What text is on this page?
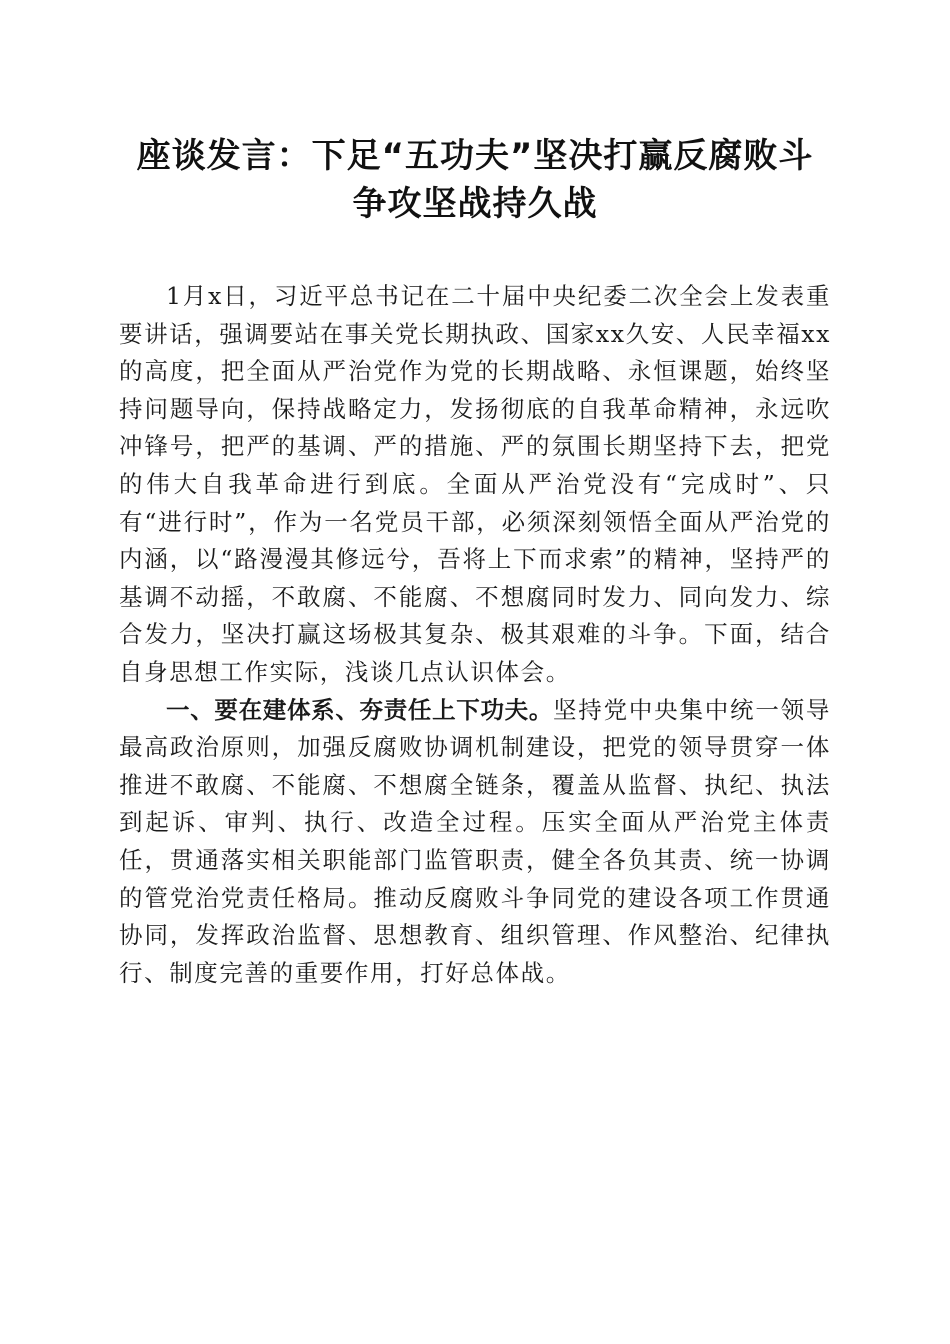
座谈发言：下足“五功夫”坚决打赢反腐败斗
争攻坚战持久战

1月x日，习近平总书记在二十届中央纪委二次全会上发表重要讲话，强调要站在事关党长期执政、国家xx久安、人民幸福xx的高度，把全面从严治党作为党的长期战略、永恒课题，始终坚持问题导向，保持战略定力，发扬彻底的自我革命精神，永远吹冲锋号，把严的基调、严的措施、严的氛围长期坚持下去，把党的伟大自我革命进行到底。全面从严治党没有“完成时”、只有“进行时”，作为一名党员干部，必须深刻领悟全面从严治党的内涵，以“路漫漫其修远兮，吾将上下而求索”的精神，坚持严的基调不动摇，不敢腐、不能腐、不想腐同时发力、同向发力、综合发力，坚决打赢这场极其复杂、极其艰难的斗争。下面，结合自身思想工作实际，浅谈几点认识体会。

一、要在建体系、夯责任上下功夫。坚持党中央集中统一领导最高政治原则，加强反腐败协调机制建设，把党的领导贯穿一体推进不敢腐、不能腐、不想腐全链条，覆盖从监督、执纪、执法到起诉、审判、执行、改造全过程。压实全面从严治党主体责任，贯通落实相关职能部门监管职责，健全各负其责、统一协调的管党治党责任格局。推动反腐败斗争同党的建设各项工作贯通协同，发挥政治监督、思想教育、组织管理、作风整治、纪律执行、制度完善的重要作用，打好总体战。
